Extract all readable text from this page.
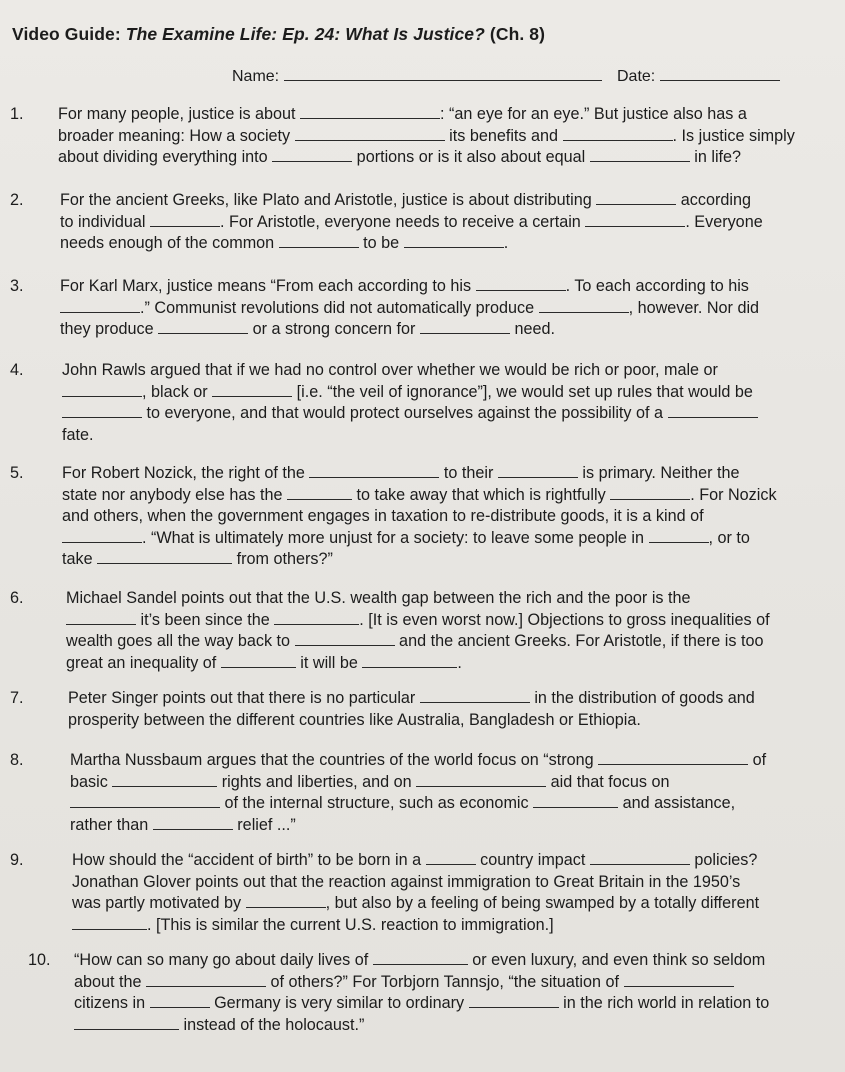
Video Guide: The Examine Life: Ep. 24: What Is Justice? (Ch. 8)
Name:	Date:
1. For many people, justice is about	: “an eye for an eye.” But justice also has a
broader meaning: How a society	its benefits and	. Is justice simply
about dividing everything into	portions or is it also about equal	in life?
2. For the ancient Greeks, like Plato and Aristotle, justice is about distributing	according
to individual	. For Aristotle, everyone needs to receive a certain	. Everyone
needs enough of the common	to be	.
3. For Karl Marx, justice means “From each according to his	. To each according to his
.” Communist revolutions did not automatically produce	, however. Nor did
they produce	or a strong concern for	need.
4. John Rawls argued that if we had no control over whether we would be rich or poor, male or
, black or	[i.e. “the veil of ignorance”], we would set up rules that would be
to everyone, and that would protect ourselves against the possibility of a
fate.
5. For Robert Nozick, the right of the	to their	is primary. Neither the
state nor anybody else has the	to take away that which is rightfully	. For Nozick
and others, when the government engages in taxation to re-distribute goods, it is a kind of
. “What is ultimately more unjust for a society: to leave some people in	, or to
take	from others?”
6.	Michael Sandel points out that the U.S. wealth gap between the rich and the poor is the
it’s been since the	. [It is even worst now.] Objections to gross inequalities of
wealth goes all the way back to	and the ancient Greeks. For Aristotle, if there is too
great an inequality of	it will be	.
7.	Peter Singer points out that there is no particular	in the distribution of goods and
prosperity between the different countries like Australia, Bangladesh or Ethiopia.
8.	Martha Nussbaum argues that the countries of the world focus on “strong	of
basic	rights and liberties, and on	aid that focus on
of the internal structure, such as economic	and assistance,
rather than	relief ...”
9.	How should the “accident of birth” to be born in a	country impact	policies?
Jonathan Glover points out that the reaction against immigration to Great Britain in the 1950’s
was partly motivated by	, but also by a feeling of being swamped by a totally different
. [This is similar the current U.S. reaction to immigration.]
10. “How can so many go about daily lives of	or even luxury, and even think so seldom
about the	of others?” For Torbjorn Tannsjo, “the situation of
citizens in	Germany is very similar to ordinary	in the rich world in relation to
instead of the holocaust.”
